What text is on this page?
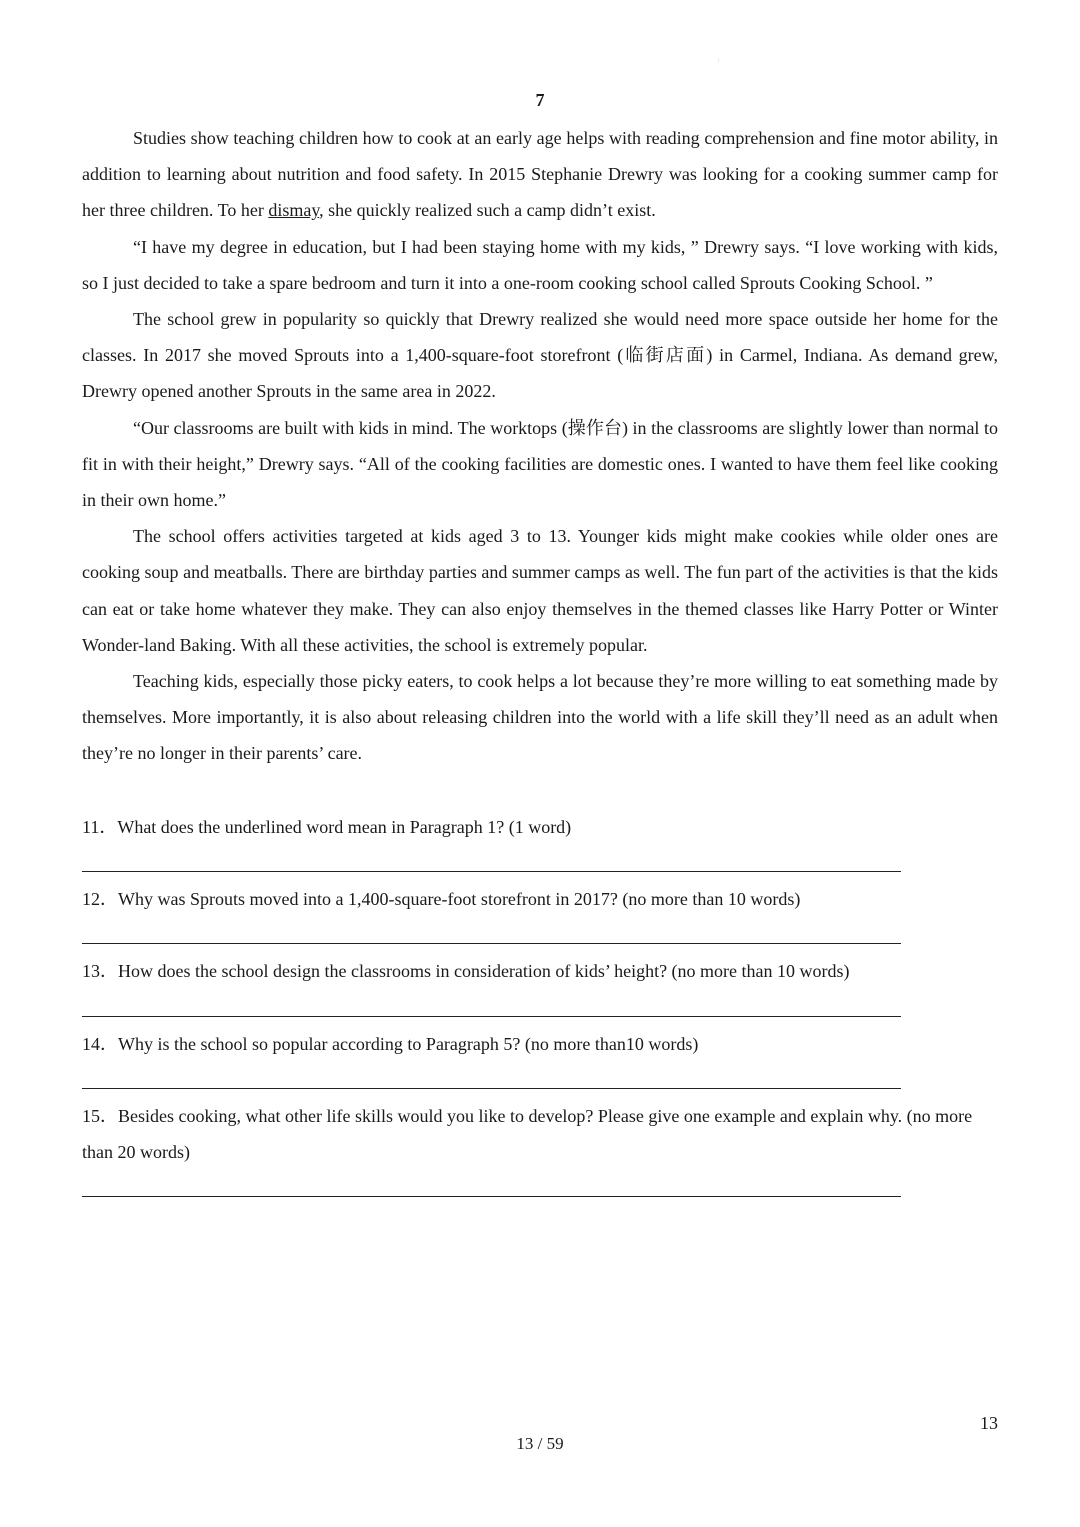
:
7

Studies show teaching children how to cook at an early age helps with reading comprehension and fine motor ability, in addition to learning about nutrition and food safety. In 2015 Stephanie Drewry was looking for a cooking summer camp for her three children. To her dismay, she quickly realized such a camp didn’t exist.

“I have my degree in education, but I had been staying home with my kids, ” Drewry says. “I love working with kids, so I just decided to take a spare bedroom and turn it into a one-room cooking school called Sprouts Cooking School. ”

The school grew in popularity so quickly that Drewry realized she would need more space outside her home for the classes. In 2017 she moved Sprouts into a 1,400-square-foot storefront (临街店面) in Carmel, Indiana. As demand grew, Drewry opened another Sprouts in the same area in 2022.

“Our classrooms are built with kids in mind. The worktops (操作台) in the classrooms are slightly lower than normal to fit in with their height,” Drewry says. “All of the cooking facilities are domestic ones. I wanted to have them feel like cooking in their own home.”

The school offers activities targeted at kids aged 3 to 13. Younger kids might make cookies while older ones are cooking soup and meatballs. There are birthday parties and summer camps as well. The fun part of the activities is that the kids can eat or take home whatever they make. They can also enjoy themselves in the themed classes like Harry Potter or Winter Wonder-land Baking. With all these activities, the school is extremely popular.

Teaching kids, especially those picky eaters, to cook helps a lot because they’re more willing to eat something made by themselves. More importantly, it is also about releasing children into the world with a life skill they’ll need as an adult when they’re no longer in their parents’ care.

11．What does the underlined word mean in Paragraph 1? (1 word)

12．Why was Sprouts moved into a 1,400-square-foot storefront in 2017? (no more than 10 words)

13．How does the school design the classrooms in consideration of kids’ height? (no more than 10 words)

14．Why is the school so popular according to Paragraph 5? (no more than10 words)

15．Besides cooking, what other life skills would you like to develop? Please give one example and explain why. (no more than 20 words)

13
13 / 59
